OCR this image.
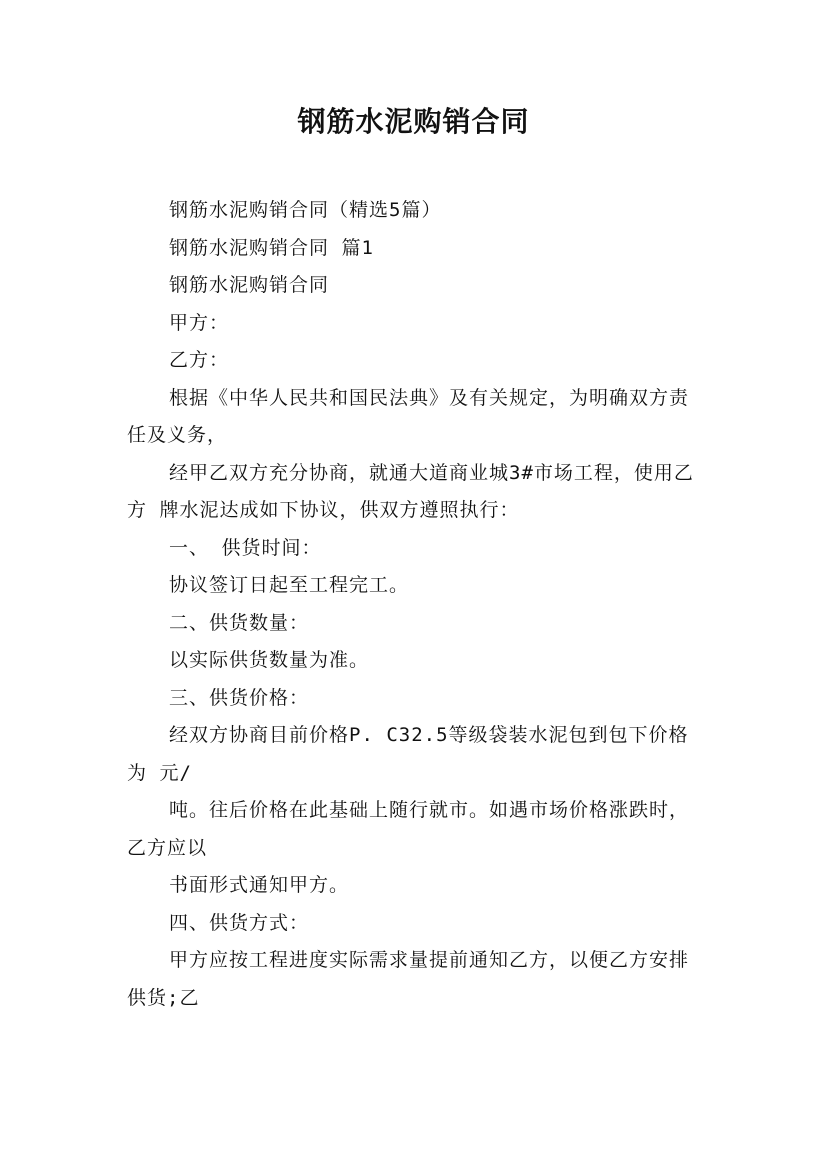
钢筋水泥购销合同

钢筋水泥购销合同（精选5篇）

钢筋水泥购销合同 篇1

钢筋水泥购销合同

甲方：

乙方：

根据《中华人民共和国民法典》及有关规定，为明确双方责任及义务，

经甲乙双方充分协商，就通大道商业城3#市场工程，使用乙方 牌水泥达成如下协议，供双方遵照执行：

一、 供货时间：

协议签订日起至工程完工。

二、供货数量：

以实际供货数量为准。

三、供货价格：

经双方协商目前价格P. C32.5等级袋装水泥包到包下价格为 元/

吨。往后价格在此基础上随行就市。如遇市场价格涨跌时，乙方应以

书面形式通知甲方。

四、供货方式：

甲方应按工程进度实际需求量提前通知乙方，以便乙方安排供货;乙
